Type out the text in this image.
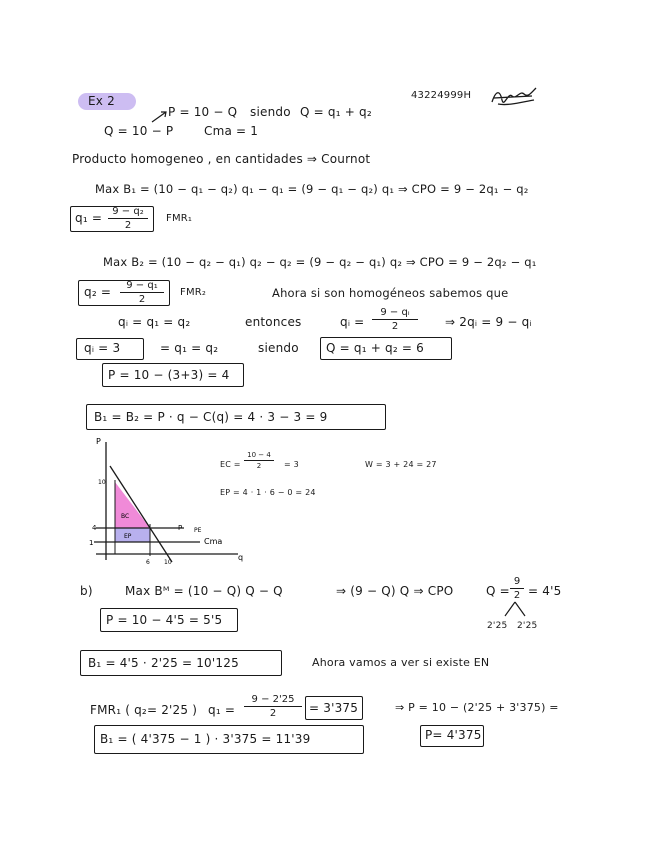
Ex 2	43224999H
P = 10 − Q siendo Q = q₁ + q₂
Q = 10 − P	Cma = 1
Producto homogeneo , en cantidades ⇒ Cournot
Max B₁ = (10 − q₁ − q₂) q₁ − q₁ = (9 − q₁ − q₂) q₁ ⇒ CPO = 9 − 2q₁ − q₂
q₁ =	9 − q₂
2
FMR₁
Max B₂ = (10 − q₂ − q₁) q₂ − q₂ = (9 − q₂ − q₁) q₂ ⇒ CPO = 9 − 2q₂ − q₁
q₂ =	9 − q₁
2
FMR₂	Ahora si son homogéneos sabemos que
qᵢ = q₁ = q₂	entonces	qᵢ =
9 − qᵢ
2	⇒ 2qᵢ = 9 − qᵢ
qᵢ = 3	= q₁ = q₂	siendo Q = q₁ + q₂ = 6
P = 10 − (3+3) = 4
B₁ = B₂ = P · q − C(q) = 4 · 3 − 3 = 9
P
q
10
4
1
6 10
P PE
Cma
BC
EP
EC =
10 − 4
2	= 3	W = 3 + 24 = 27
EP = 4 · 1 · 6 − 0 = 24
b)	Max Bᴹ = (10 − Q) Q − Q	⇒ (9 − Q) Q ⇒ CPO	Q =
9
2 = 4'5
2'25 2'25
P = 10 − 4'5 = 5'5
B₁ = 4'5 · 2'25 = 10'125	Ahora vamos a ver si existe EN
FMR₁ ( q₂= 2'25 ) q₁ =
9 − 2'25
2	= 3'375	⇒ P = 10 − (2'25 + 3'375) =
B₁ = ( 4'375 − 1 ) · 3'375 = 11'39	P= 4'375
